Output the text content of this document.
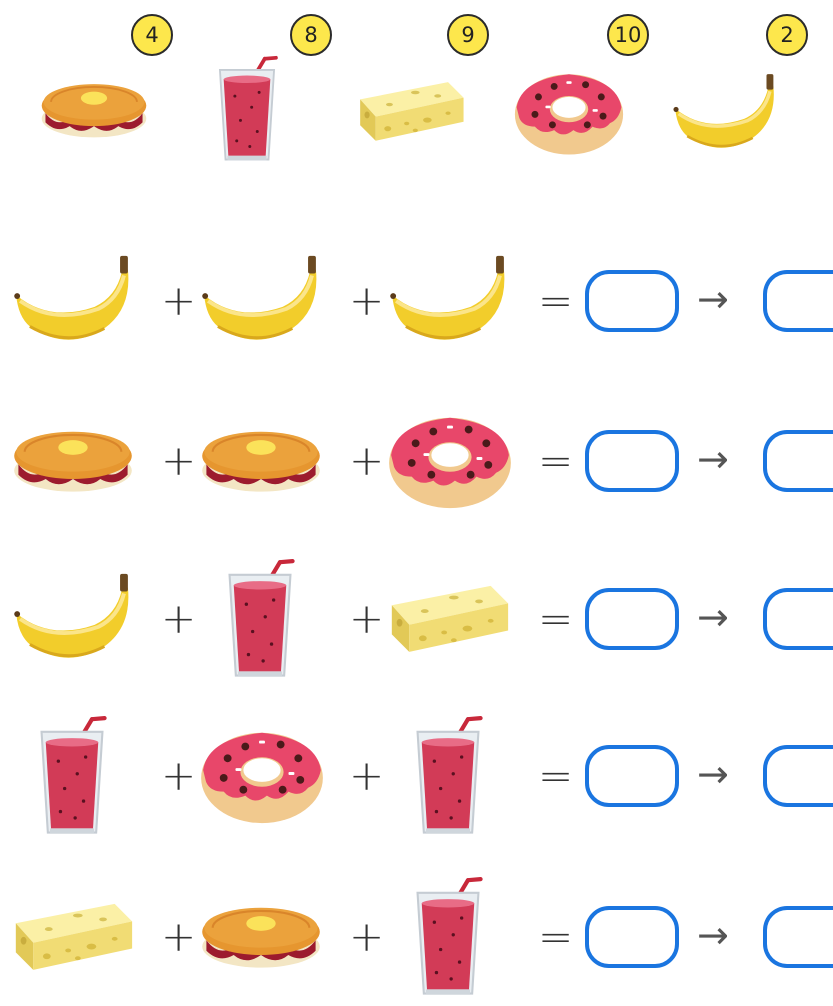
4	8	9	10	2
+	+	=	→
+	+	=	→
+	+	=	→
+	+	=	→
+	+	=	→
